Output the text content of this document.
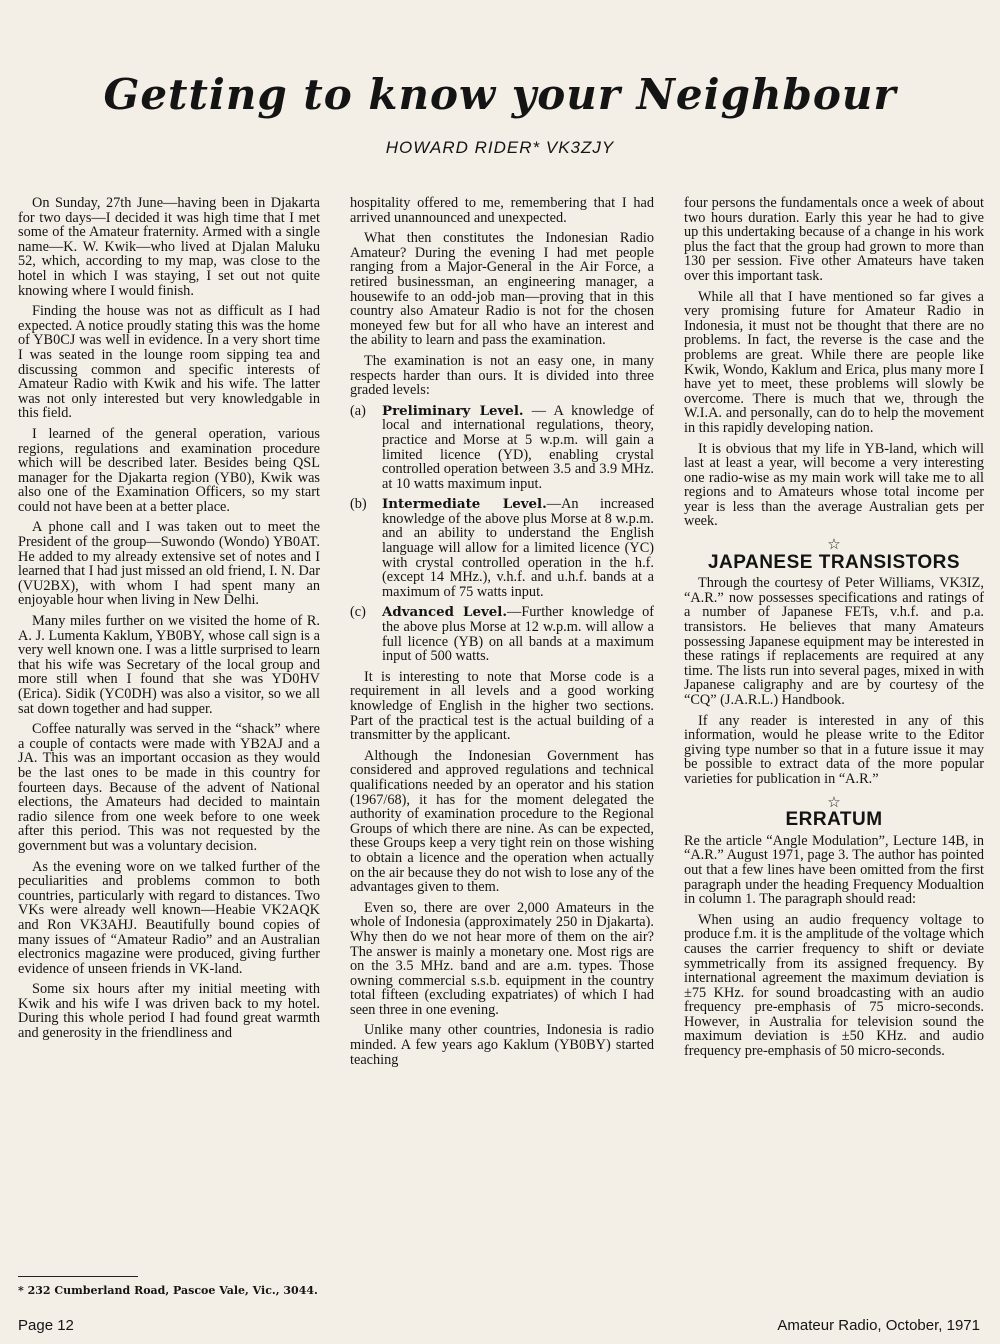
Getting to know your Neighbour

HOWARD RIDER* VK3ZJY

On Sunday, 27th June—having been in Djakarta for two days—I decided it was high time that I met some of the Amateur fraternity. Armed with a single name—K. W. Kwik—who lived at Djalan Maluku 52, which, according to my map, was close to the hotel in which I was staying, I set out not quite knowing where I would finish.

Finding the house was not as difficult as I had expected. A notice proudly stating this was the home of YB0CJ was well in evidence. In a very short time I was seated in the lounge room sipping tea and discussing common and specific interests of Amateur Radio with Kwik and his wife. The latter was not only interested but very knowledgable in this field.

I learned of the general operation, various regions, regulations and examination procedure which will be described later. Besides being QSL manager for the Djakarta region (YB0), Kwik was also one of the Examination Officers, so my start could not have been at a better place.

A phone call and I was taken out to meet the President of the group—Suwondo (Wondo) YB0AT. He added to my already extensive set of notes and I learned that I had just missed an old friend, I. N. Dar (VU2BX), with whom I had spent many an enjoyable hour when living in New Delhi.

Many miles further on we visited the home of R. A. J. Lumenta Kaklum, YB0BY, whose call sign is a very well known one. I was a little surprised to learn that his wife was Secretary of the local group and more still when I found that she was YD0HV (Erica). Sidik (YC0DH) was also a visitor, so we all sat down together and had supper.

Coffee naturally was served in the “shack” where a couple of contacts were made with YB2AJ and a JA. This was an important occasion as they would be the last ones to be made in this country for fourteen days. Because of the advent of National elections, the Amateurs had decided to maintain radio silence from one week before to one week after this period. This was not requested by the government but was a voluntary decision.

As the evening wore on we talked further of the peculiarities and problems common to both countries, particularly with regard to distances. Two VKs were already well known—Heabie VK2AQK and Ron VK3AHJ. Beautifully bound copies of many issues of “Amateur Radio” and an Australian electronics magazine were produced, giving further evidence of unseen friends in VK-land.

Some six hours after my initial meeting with Kwik and his wife I was driven back to my hotel. During this whole period I had found great warmth and generosity in the friendliness and

hospitality offered to me, remembering that I had arrived unannounced and unexpected.

What then constitutes the Indonesian Radio Amateur? During the evening I had met people ranging from a Major-General in the Air Force, a retired businessman, an engineering manager, a housewife to an odd-job man—proving that in this country also Amateur Radio is not for the chosen moneyed few but for all who have an interest and the ability to learn and pass the examination.

The examination is not an easy one, in many respects harder than ours. It is divided into three graded levels:

(a)	Preliminary Level. — A knowledge of local and international regulations, theory, practice and Morse at 5 w.p.m. will gain a limited licence (YD), enabling crystal controlled operation between 3.5 and 3.9 MHz. at 10 watts maximum input.
(b)	Intermediate Level.—An increased knowledge of the above plus Morse at 8 w.p.m. and an ability to understand the English language will allow for a limited licence (YC) with crystal controlled operation in the h.f. (except 14 MHz.), v.h.f. and u.h.f. bands at a maximum of 75 watts input.
(c)	Advanced Level.—Further knowledge of the above plus Morse at 12 w.p.m. will allow a full licence (YB) on all bands at a maximum input of 500 watts.

It is interesting to note that Morse code is a requirement in all levels and a good working knowledge of English in the higher two sections. Part of the practical test is the actual building of a transmitter by the applicant.

Although the Indonesian Government has considered and approved regulations and technical qualifications needed by an operator and his station (1967/68), it has for the moment delegated the authority of examination procedure to the Regional Groups of which there are nine. As can be expected, these Groups keep a very tight rein on those wishing to obtain a licence and the operation when actually on the air because they do not wish to lose any of the advantages given to them.

Even so, there are over 2,000 Amateurs in the whole of Indonesia (approximately 250 in Djakarta). Why then do we not hear more of them on the air? The answer is mainly a monetary one. Most rigs are on the 3.5 MHz. band and are a.m. types. Those owning commercial s.s.b. equipment in the country total fifteen (excluding expatriates) of which I had seen three in one evening.

Unlike many other countries, Indonesia is radio minded. A few years ago Kaklum (YB0BY) started teaching

four persons the fundamentals once a week of about two hours duration. Early this year he had to give up this undertaking because of a change in his work plus the fact that the group had grown to more than 130 per session. Five other Amateurs have taken over this important task.

While all that I have mentioned so far gives a very promising future for Amateur Radio in Indonesia, it must not be thought that there are no problems. In fact, the reverse is the case and the problems are great. While there are people like Kwik, Wondo, Kaklum and Erica, plus many more I have yet to meet, these problems will slowly be overcome. There is much that we, through the W.I.A. and personally, can do to help the movement in this rapidly developing nation.

It is obvious that my life in YB-land, which will last at least a year, will become a very interesting one radio-wise as my main work will take me to all regions and to Amateurs whose total income per year is less than the average Australian gets per week.

☆
JAPANESE TRANSISTORS

Through the courtesy of Peter Williams, VK3IZ, “A.R.” now possesses specifications and ratings of a number of Japanese FETs, v.h.f. and p.a. transistors. He believes that many Amateurs possessing Japanese equipment may be interested in these ratings if replacements are required at any time. The lists run into several pages, mixed in with Japanese caligraphy and are by courtesy of the “CQ” (J.A.R.L.) Handbook.

If any reader is interested in any of this information, would he please write to the Editor giving type number so that in a future issue it may be possible to extract data of the more popular varieties for publication in “A.R.”

☆
ERRATUM

Re the article “Angle Modulation”, Lecture 14B, in “A.R.” August 1971, page 3. The author has pointed out that a few lines have been omitted from the first paragraph under the heading Frequency Modualtion in column 1. The paragraph should read:

When using an audio frequency voltage to produce f.m. it is the amplitude of the voltage which causes the carrier frequency to shift or deviate symmetrically from its assigned frequency. By international agreement the maximum deviation is ±75 KHz. for sound broadcasting with an audio frequency pre-emphasis of 75 micro-seconds. However, in Australia for television sound the maximum deviation is ±50 KHz. and audio frequency pre-emphasis of 50 micro-seconds.

* 232 Cumberland Road, Pascoe Vale, Vic., 3044.

Page 12	Amateur Radio, October, 1971
